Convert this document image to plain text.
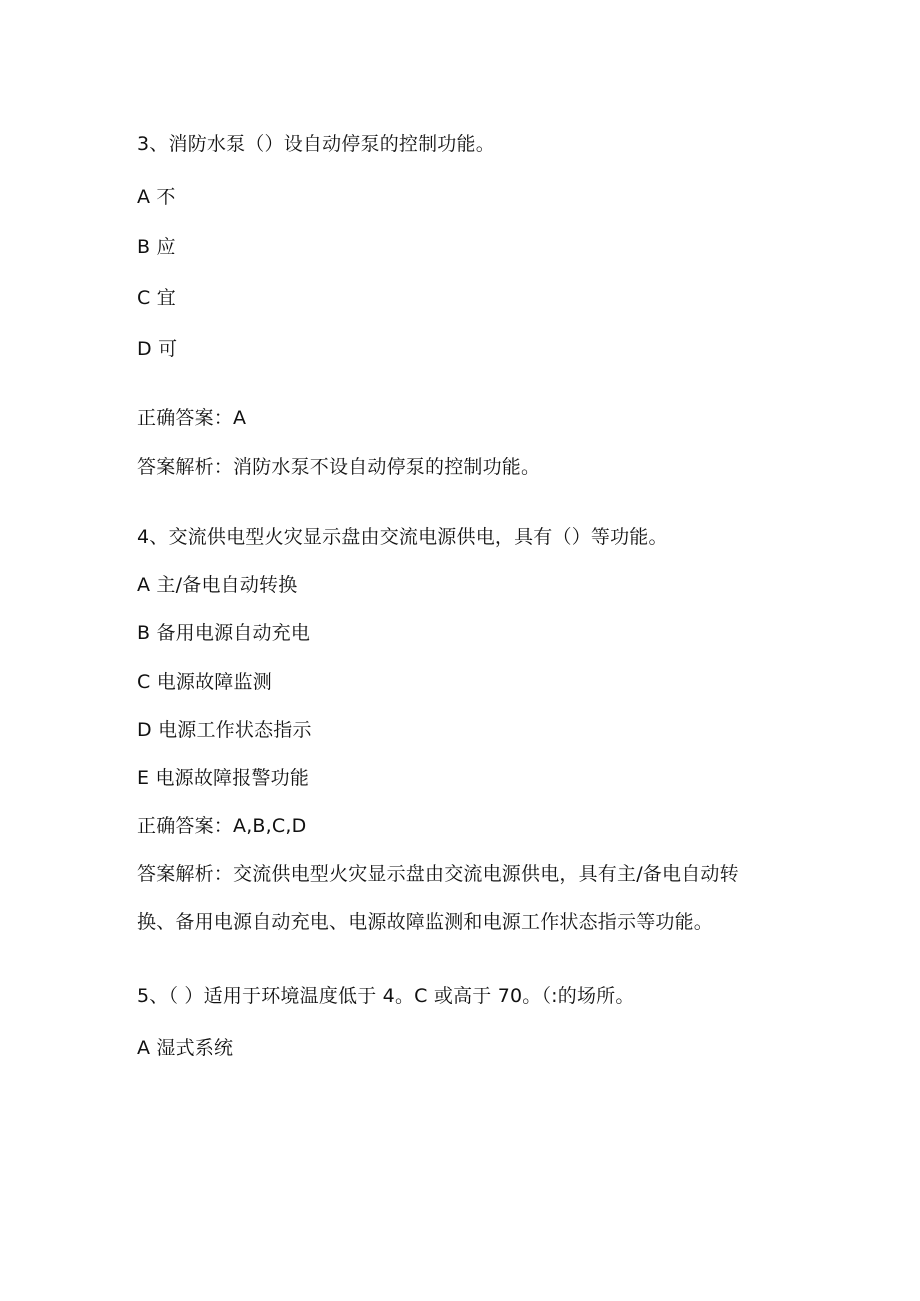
3、消防水泵（）设自动停泵的控制功能。
A 不
B 应
C 宜
D 可
正确答案：A
答案解析：消防水泵不设自动停泵的控制功能。
4、交流供电型火灾显示盘由交流电源供电，具有（）等功能。
A 主/备电自动转换
B 备用电源自动充电
C 电源故障监测
D 电源工作状态指示
E 电源故障报警功能
正确答案：A,B,C,D
答案解析：交流供电型火灾显示盘由交流电源供电，具有主/备电自动转
换、备用电源自动充电、电源故障监测和电源工作状态指示等功能。
5、（ ）适用于环境温度低于 4。C 或高于 70。（:的场所。
A 湿式系统
